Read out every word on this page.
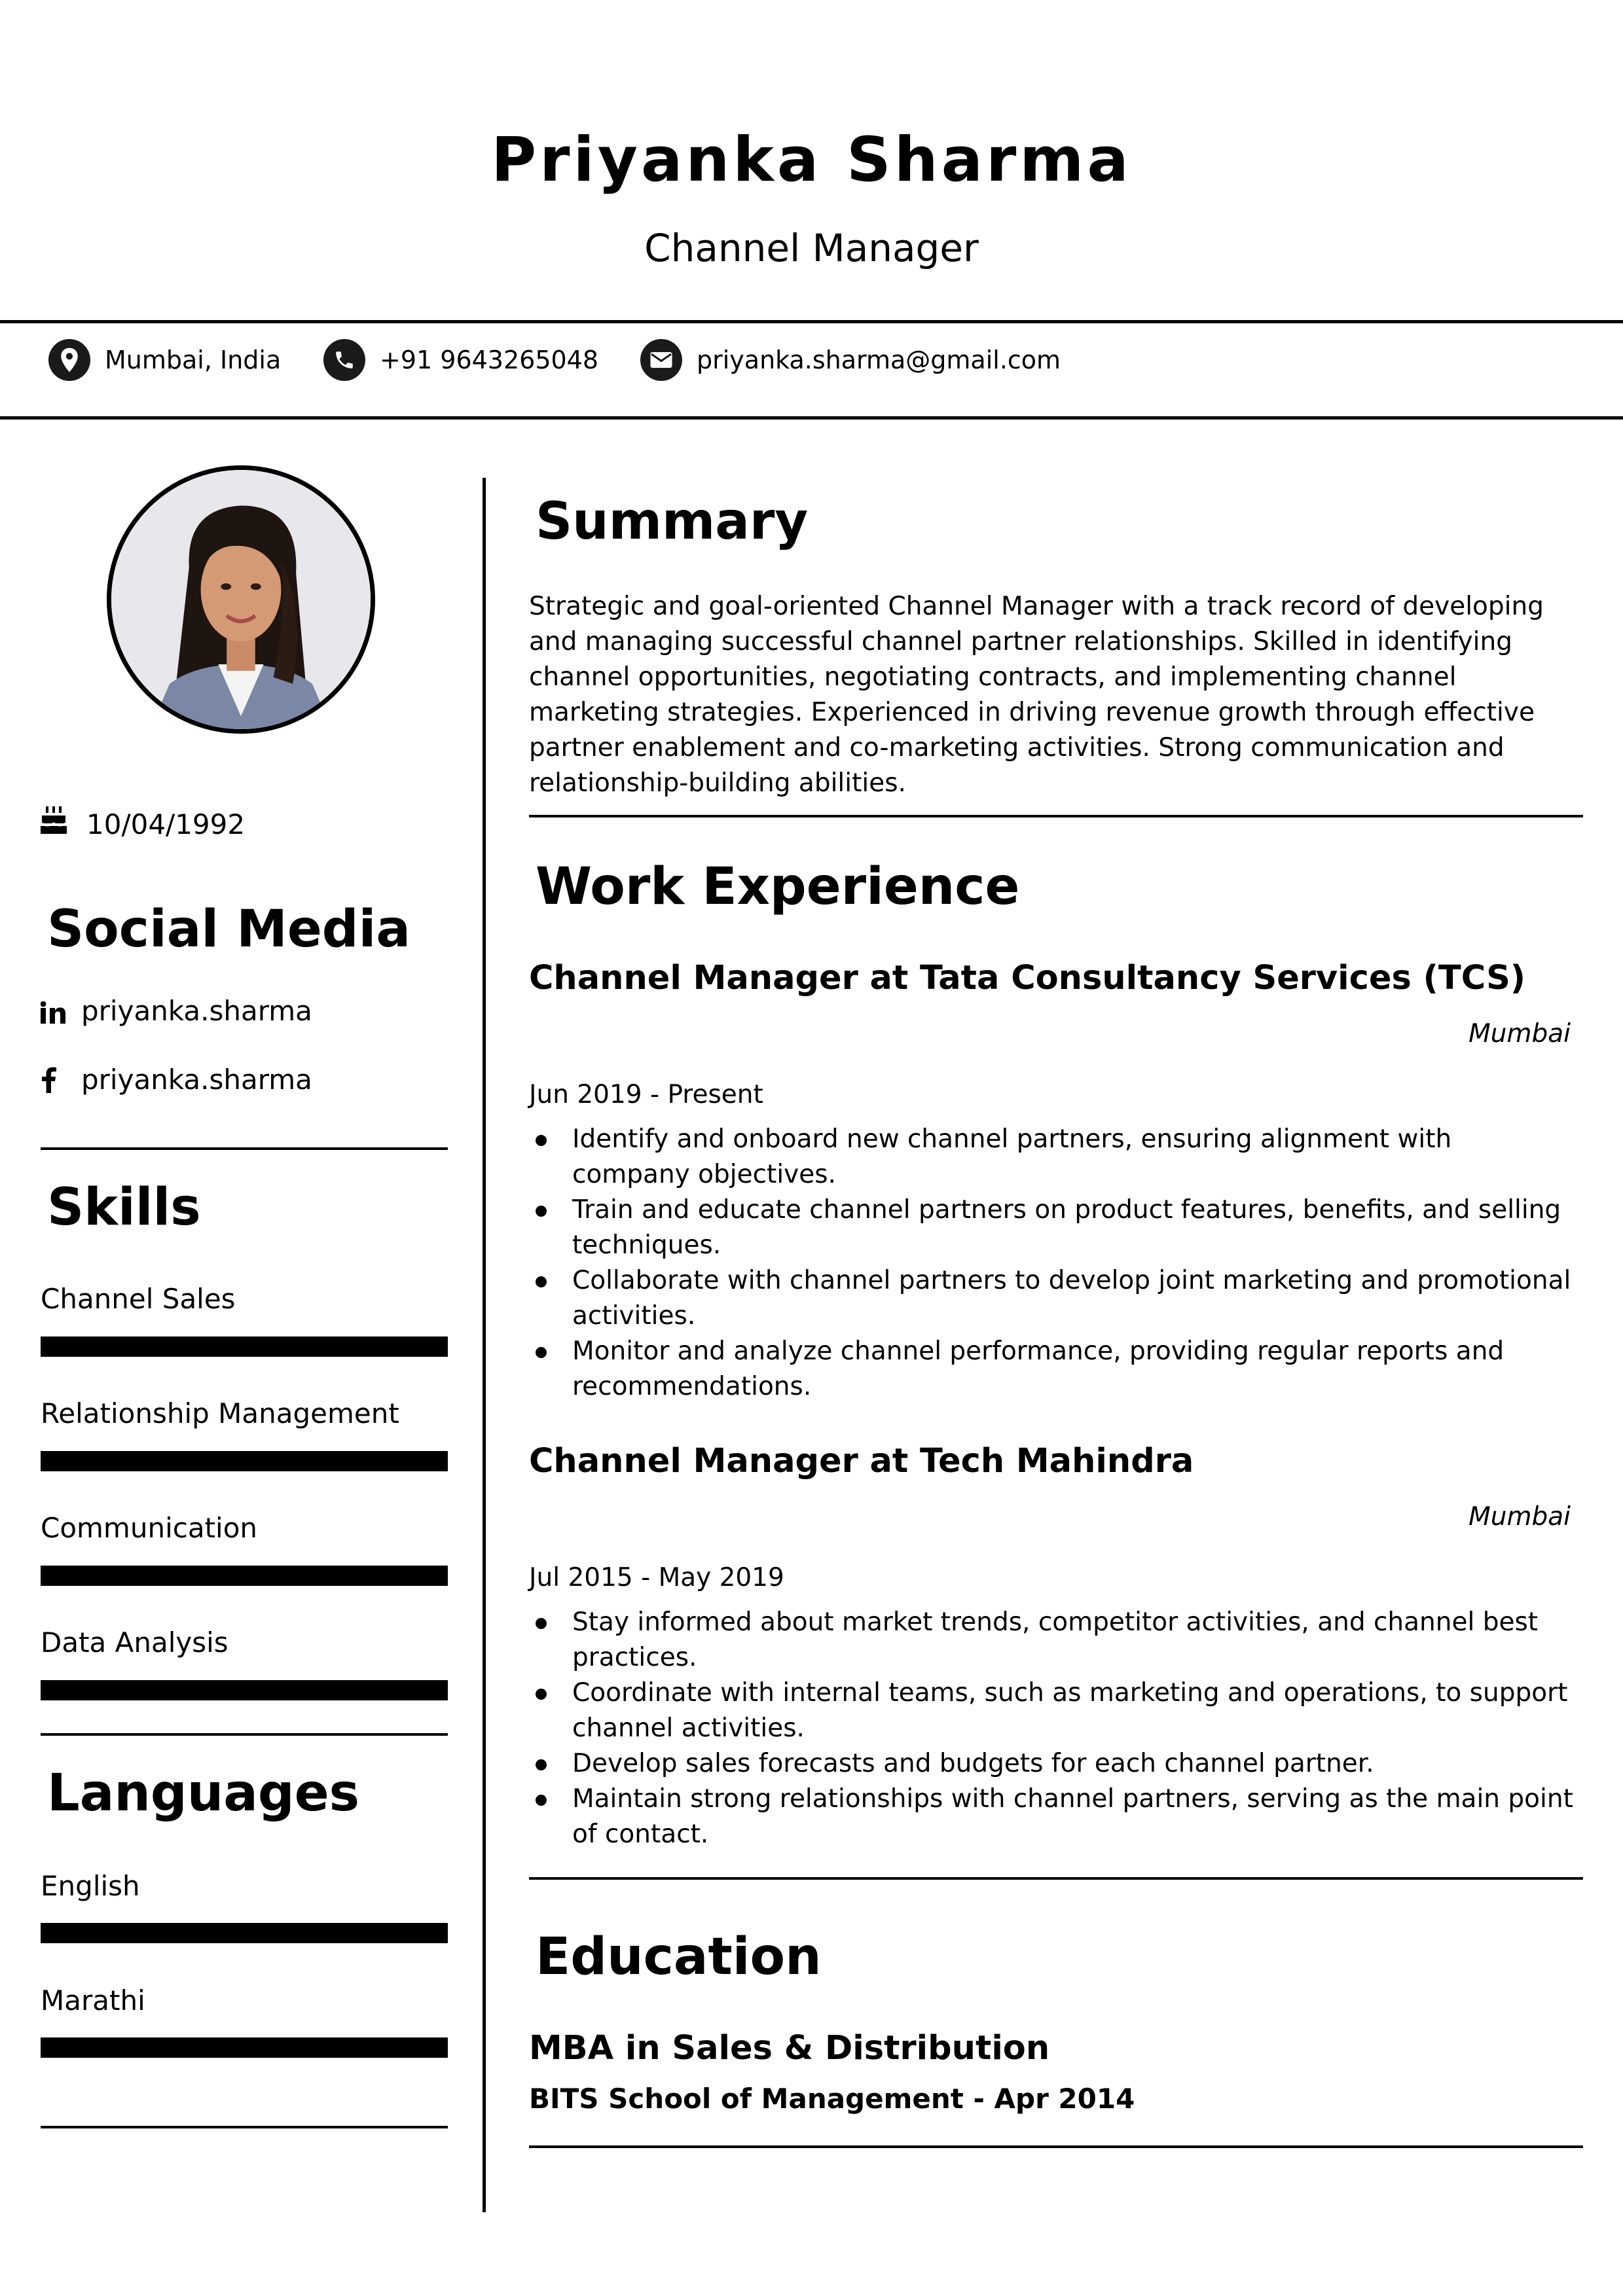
Priyanka Sharma
Channel Manager
Mumbai, India	+91 9643265048	priyanka.sharma@gmail.com
10/04/1992
Social Media
priyanka.sharma
priyanka.sharma
Skills
Channel Sales
Relationship Management
Communication
Data Analysis
Languages
English
Marathi
Summary
Strategic and goal-oriented Channel Manager with a track record of developing and managing successful channel partner relationships. Skilled in identifying channel opportunities, negotiating contracts, and implementing channel marketing strategies. Experienced in driving revenue growth through effective partner enablement and co-marketing activities. Strong communication and relationship-building abilities.
Work Experience
Channel Manager at Tata Consultancy Services (TCS)
Mumbai
Jun 2019 - Present
Identify and onboard new channel partners, ensuring alignment with company objectives.
Train and educate channel partners on product features, benefits, and selling techniques.
Collaborate with channel partners to develop joint marketing and promotional activities.
Monitor and analyze channel performance, providing regular reports and recommendations.
Channel Manager at Tech Mahindra
Mumbai
Jul 2015 - May 2019
Stay informed about market trends, competitor activities, and channel best practices.
Coordinate with internal teams, such as marketing and operations, to support channel activities.
Develop sales forecasts and budgets for each channel partner.
Maintain strong relationships with channel partners, serving as the main point of contact.
Education
MBA in Sales & Distribution
BITS School of Management - Apr 2014
